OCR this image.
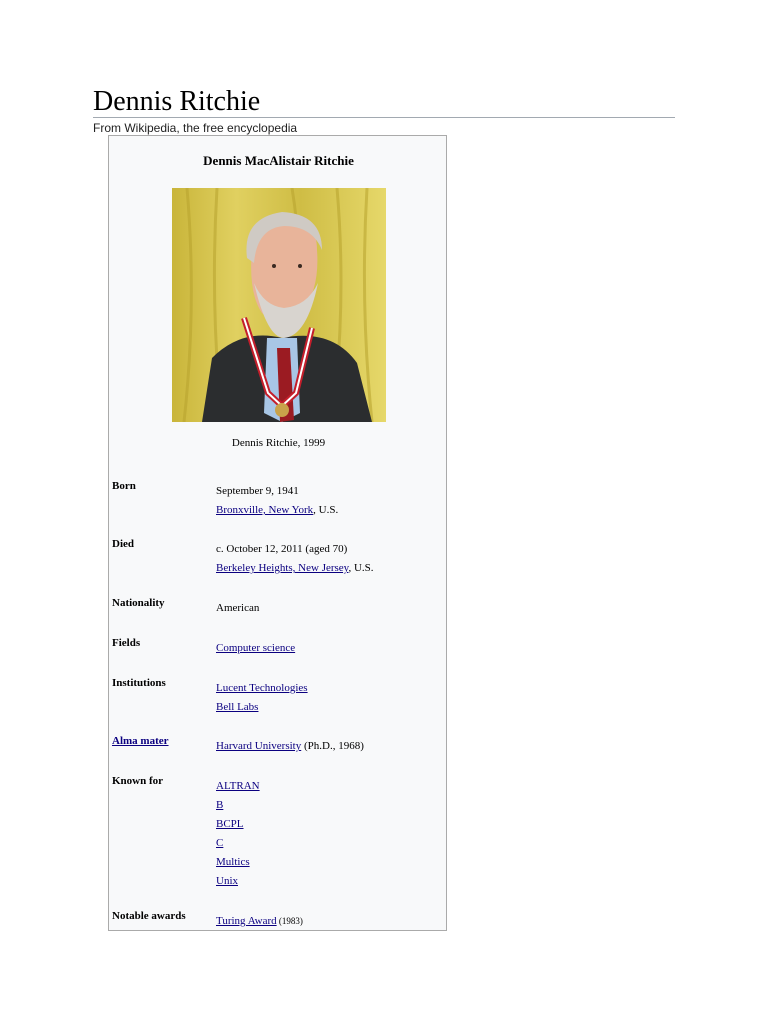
Dennis Ritchie
From Wikipedia, the free encyclopedia
Dennis MacAlistair Ritchie
Dennis Ritchie, 1999
Born	September 9, 1941
Bronxville, New York, U.S.
Died	c. October 12, 2011 (aged 70)
Berkeley Heights, New Jersey, U.S.
Nationality	American
Fields	Computer science
Institutions	Lucent Technologies
Bell Labs
Alma mater	Harvard University (Ph.D., 1968)
Known for	ALTRAN
B
BCPL
C
Multics
Unix
Notable awards	Turing Award (1983)
